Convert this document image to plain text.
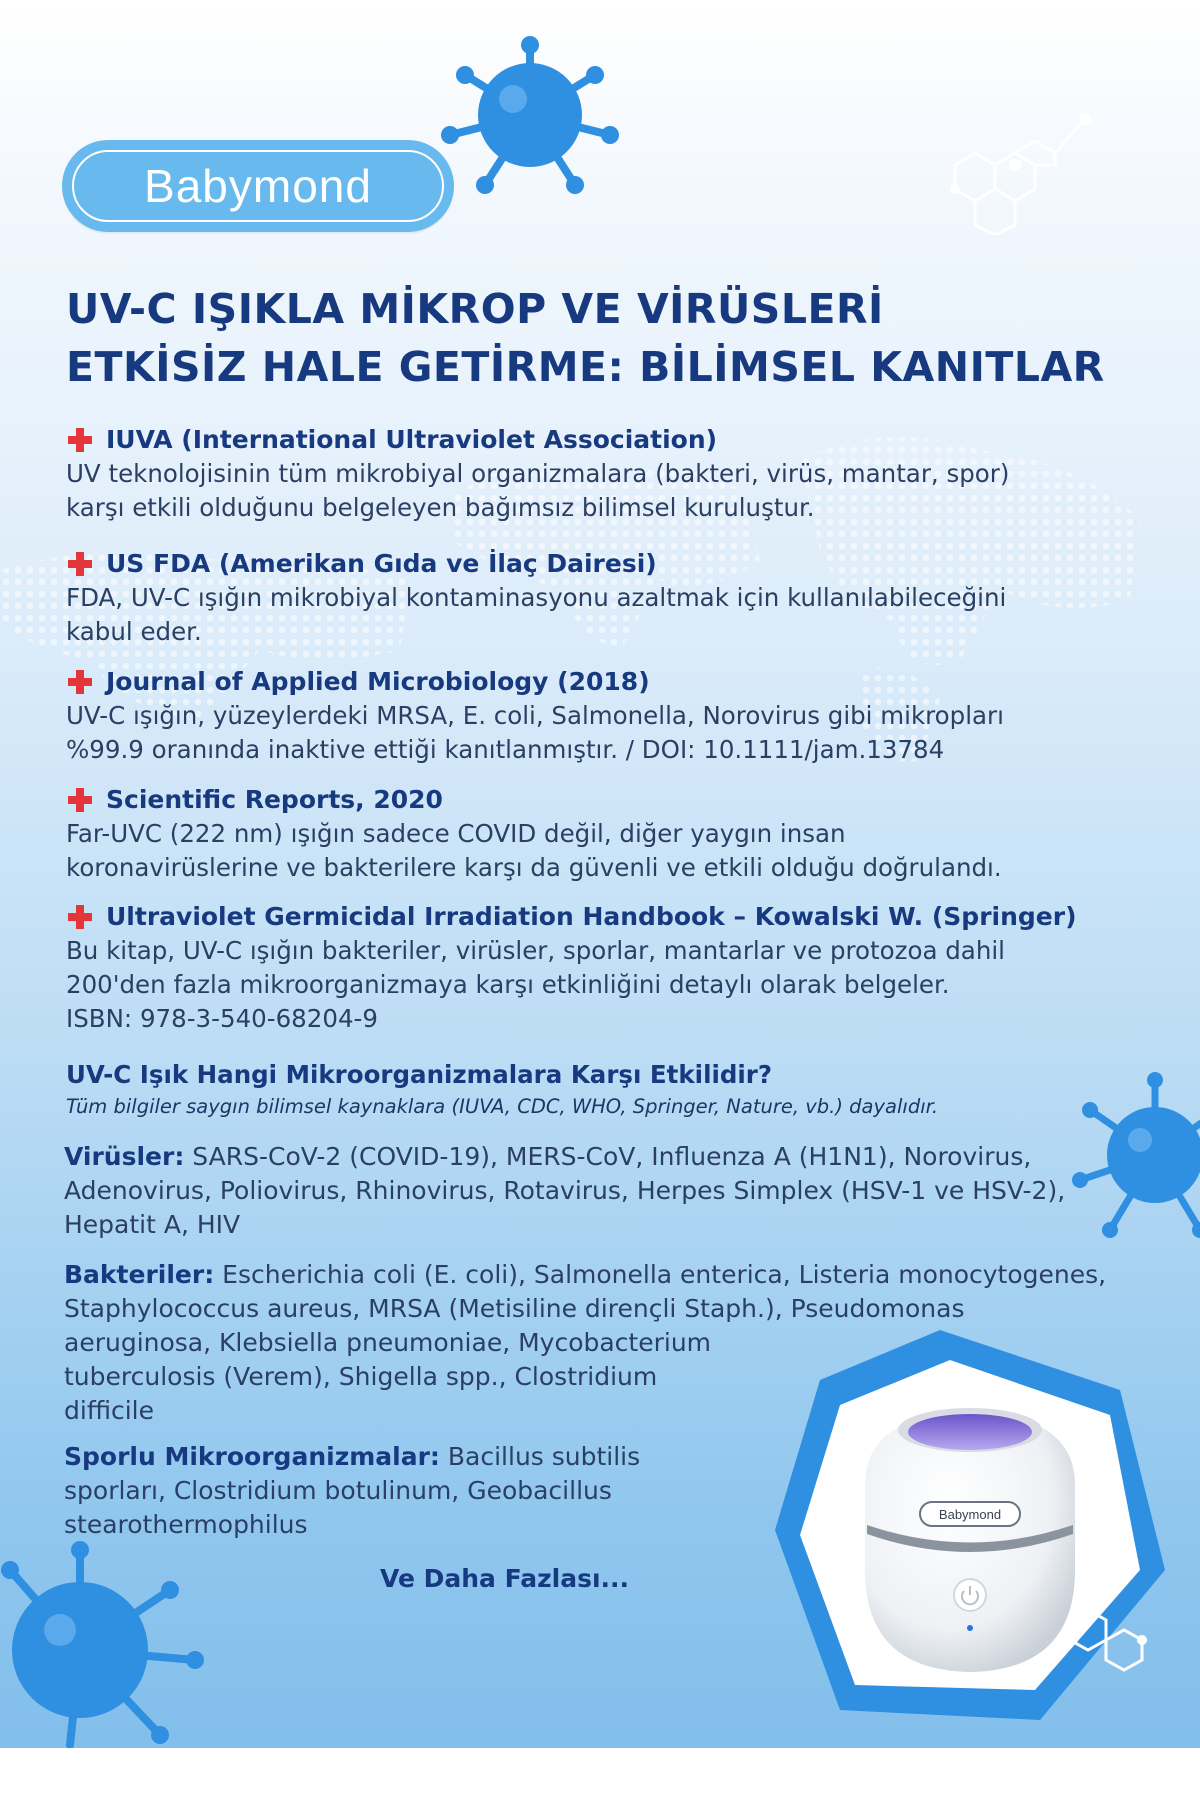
Babymond
UV-C IŞIKLA MİKROP VE VİRÜSLERİ
ETKİSİZ HALE GETİRME: BİLİMSEL KANITLAR
IUVA (International Ultraviolet Association)
UV teknolojisinin tüm mikrobiyal organizmalara (bakteri, virüs, mantar, spor)
karşı etkili olduğunu belgeleyen bağımsız bilimsel kuruluştur.
US FDA (Amerikan Gıda ve İlaç Dairesi)
FDA, UV-C ışığın mikrobiyal kontaminasyonu azaltmak için kullanılabileceğini
kabul eder.
Journal of Applied Microbiology (2018)
UV-C ışığın, yüzeylerdeki MRSA, E. coli, Salmonella, Norovirus gibi mikropları
%99.9 oranında inaktive ettiği kanıtlanmıştır. / DOI: 10.1111/jam.13784
Scientific Reports, 2020
Far-UVC (222 nm) ışığın sadece COVID değil, diğer yaygın insan
koronavirüslerine ve bakterilere karşı da güvenli ve etkili olduğu doğrulandı.
Ultraviolet Germicidal Irradiation Handbook – Kowalski W. (Springer)
Bu kitap, UV-C ışığın bakteriler, virüsler, sporlar, mantarlar ve protozoa dahil
200'den fazla mikroorganizmaya karşı etkinliğini detaylı olarak belgeler.
ISBN: 978-3-540-68204-9
UV-C Işık Hangi Mikroorganizmalara Karşı Etkilidir?
Tüm bilgiler saygın bilimsel kaynaklara (IUVA, CDC, WHO, Springer, Nature, vb.) dayalıdır.
Virüsler: SARS-CoV-2 (COVID-19), MERS-CoV, Influenza A (H1N1), Norovirus,
Adenovirus, Poliovirus, Rhinovirus, Rotavirus, Herpes Simplex (HSV-1 ve HSV-2),
Hepatit A, HIV
Bakteriler: Escherichia coli (E. coli), Salmonella enterica, Listeria monocytogenes,
Staphylococcus aureus, MRSA (Metisiline dirençli Staph.), Pseudomonas
aeruginosa, Klebsiella pneumoniae, Mycobacterium
tuberculosis (Verem), Shigella spp., Clostridium
difficile
Sporlu Mikroorganizmalar: Bacillus subtilis
sporları, Clostridium botulinum, Geobacillus
stearothermophilus
Ve Daha Fazlası...
Babymond
